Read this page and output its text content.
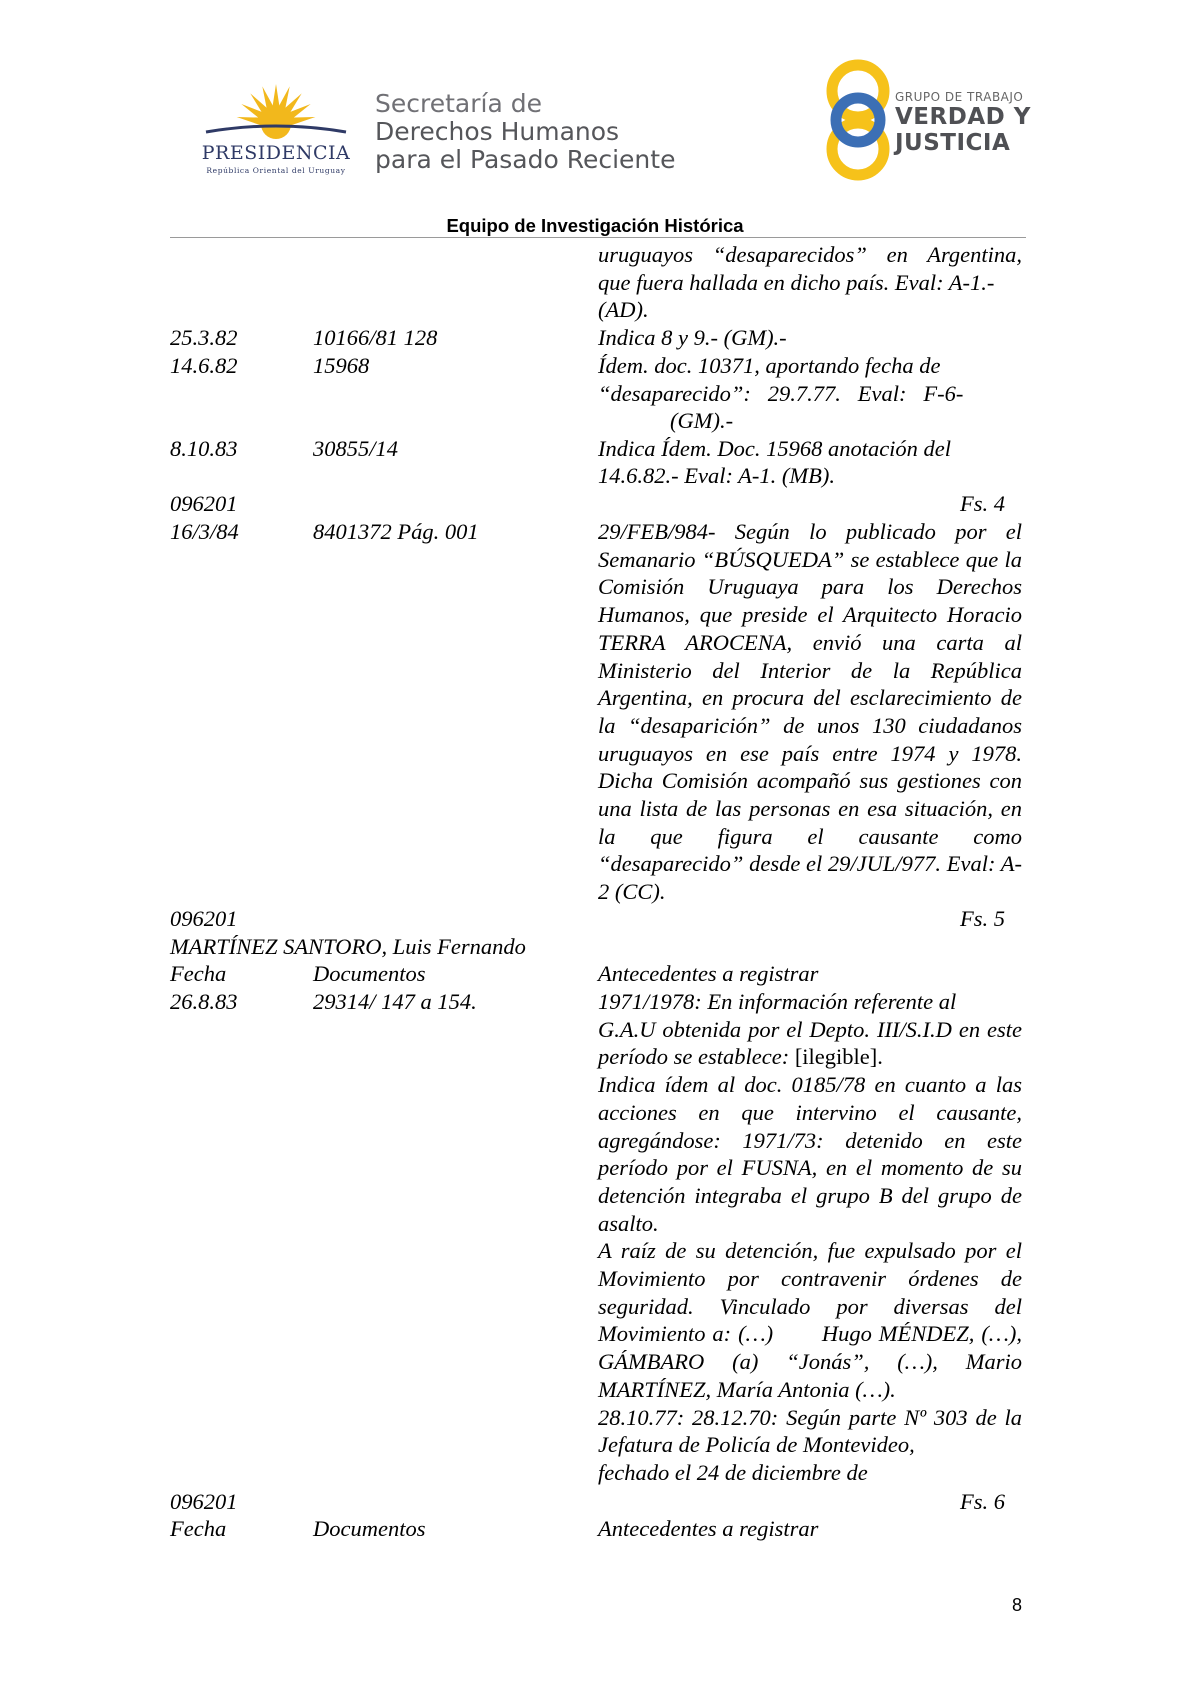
PRESIDENCIA
República Oriental del Uruguay
Secretaría de
Derechos Humanos
para el Pasado Reciente
GRUPO DE TRABAJO
VERDAD Y
JUSTICIA
Equipo de Investigación Histórica
uruguayos “desaparecidos” en Argentina,
que fuera hallada en dicho país. Eval: A-1.-
(AD).
25.3.82	10166/81 128	Indica 8 y 9.- (GM).-
14.6.82	15968	Ídem. doc. 10371, aportando fecha de
“desaparecido”:   29.7.77.   Eval:   F-6-
(GM).-
8.10.83	30855/14	Indica Ídem. Doc. 15968 anotación del
14.6.82.- Eval: A-1. (MB).
096201	Fs. 4
16/3/84	8401372 Pág. 001	29/FEB/984- Según lo publicado por el Semanario “BÚSQUEDA” se establece que la Comisión Uruguaya para los Derechos Humanos, que preside el Arquitecto Horacio TERRA AROCENA, envió una carta al Ministerio del Interior de la República Argentina, en procura del esclarecimiento de la “desaparición” de unos 130 ciudadanos uruguayos en ese país entre 1974 y 1978. Dicha Comisión acompañó sus gestiones con una lista de las personas en esa situación, en la que figura el causante como “desaparecido” desde el 29/JUL/977. Eval: A- 2 (CC).
096201	Fs. 5
MARTÍNEZ SANTORO, Luis Fernando
Fecha	Documentos	Antecedentes a registrar
26.8.83	29314/ 147 a 154.	1971/1978: En información referente al
G.A.U obtenida por el Depto. III/S.I.D en este período se establece: [ilegible].
Indica ídem al doc. 0185/78 en cuanto a las acciones en que intervino el causante, agregándose: 1971/73: detenido en este período por el FUSNA, en el momento de su detención integraba el grupo B del grupo de asalto.
A raíz de su detención, fue expulsado por el Movimiento por contravenir órdenes de seguridad. Vinculado por diversas del Movimiento a: (…)       Hugo MÉNDEZ, (…), GÁMBARO (a) “Jonás”, (…), Mario MARTÍNEZ, María Antonia (…).
28.10.77: 28.12.70: Según parte Nº 303 de la Jefatura de Policía de Montevideo,
fechado el 24 de diciembre de
096201	Fs. 6
Fecha	Documentos	Antecedentes a registrar
8
